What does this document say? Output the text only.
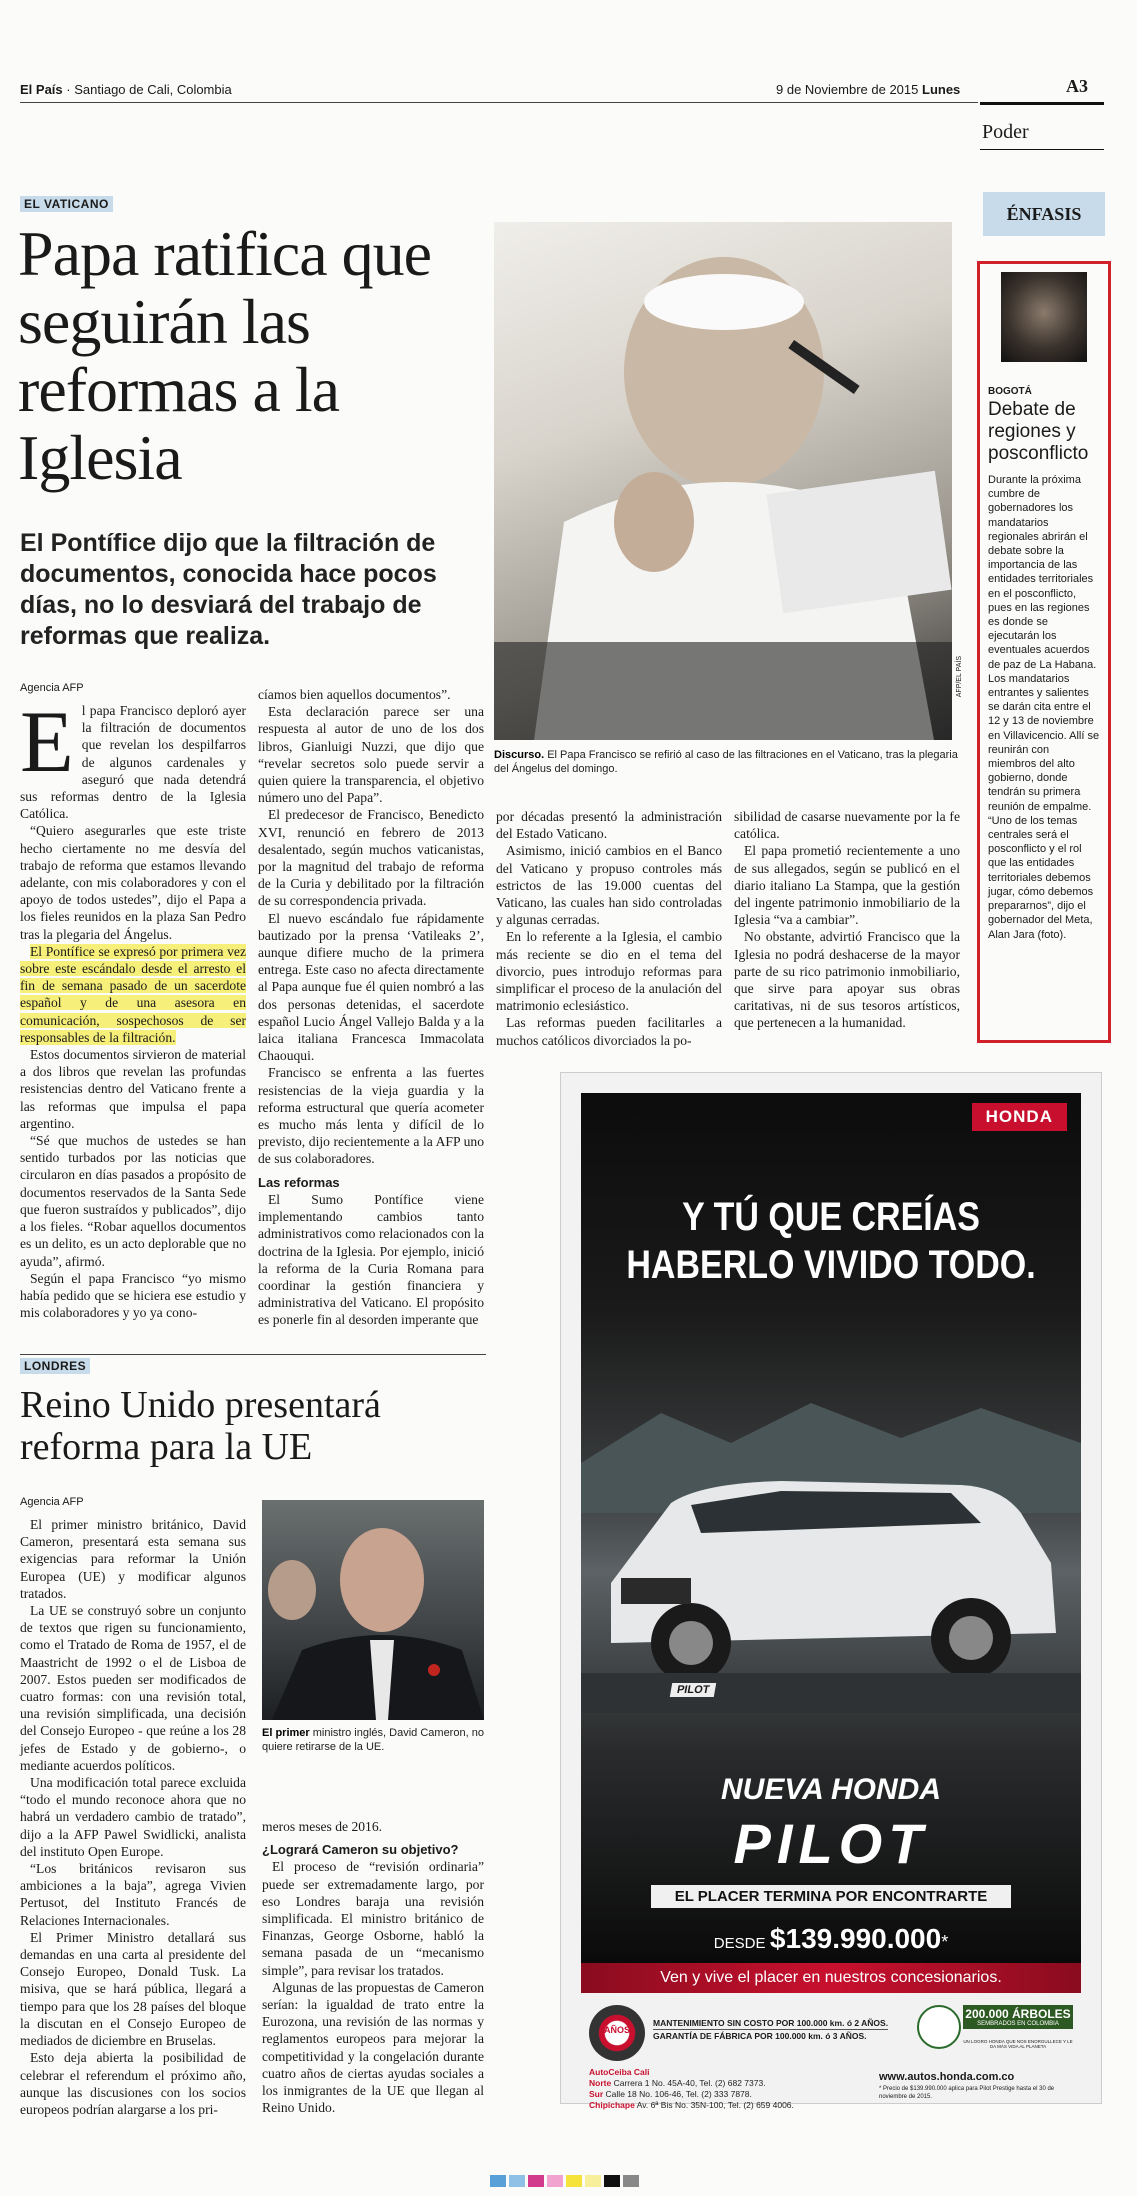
El País · Santiago de Cali, Colombia	9 de Noviembre de 2015 Lunes	A3
Poder
EL VATICANO
Papa ratifica que seguirán las reformas a la Iglesia
El Pontífice dijo que la filtración de documentos, conocida hace pocos días, no lo desviará del trabajo de reformas que realiza.
AFP/EL PAÍS
Discurso. El Papa Francisco se refirió al caso de las filtraciones en el Vaticano, tras la plegaria del Ángelus del domingo.
Agencia AFP
E l papa Francisco deploró ayer la filtración de documentos que revelan los despilfarros de algunos cardenales y aseguró que nada detendrá sus reformas dentro de la Iglesia Católica.

“Quiero asegurarles que este triste hecho ciertamente no me desvía del trabajo de reforma que estamos llevando adelante, con mis colaboradores y con el apoyo de todos ustedes”, dijo el Papa a los fieles reunidos en la plaza San Pedro tras la plegaria del Ángelus.

El Pontífice se expresó por primera vez sobre este escándalo desde el arresto el fin de semana pasado de un sacerdote español y de una asesora en comunicación, sospechosos de ser responsables de la filtración.

Estos documentos sirvieron de material a dos libros que revelan las profundas resistencias dentro del Vaticano frente a las reformas que impulsa el papa argentino.

“Sé que muchos de ustedes se han sentido turbados por las noticias que circularon en días pasados a propósito de documentos reservados de la Santa Sede que fueron sustraídos y publicados”, dijo a los fieles. “Robar aquellos documentos es un delito, es un acto deplorable que no ayuda”, afirmó.

Según el papa Francisco “yo mismo había pedido que se hiciera ese estudio y mis colaboradores y yo ya cono-

cíamos bien aquellos documentos”.

Esta declaración parece ser una respuesta al autor de uno de los dos libros, Gianluigi Nuzzi, que dijo que “revelar secretos solo puede servir a quien quiere la transparencia, el objetivo número uno del Papa”.

El predecesor de Francisco, Benedicto XVI, renunció en febrero de 2013 desalentado, según muchos vaticanistas, por la magnitud del trabajo de reforma de la Curia y debilitado por la filtración de su correspondencia privada.

El nuevo escándalo fue rápidamente bautizado por la prensa ‘Vatileaks 2’, aunque difiere mucho de la primera entrega. Este caso no afecta directamente al Papa aunque fue él quien nombró a las dos personas detenidas, el sacerdote español Lucio Ángel Vallejo Balda y a la laica italiana Francesca Immacolata Chaouqui.

Francisco se enfrenta a las fuertes resistencias de la vieja guardia y la reforma estructural que quería acometer es mucho más lenta y difícil de lo previsto, dijo recientemente a la AFP uno de sus colaboradores.

Las reformas

El Sumo Pontífice viene implementando cambios tanto administrativos como relacionados con la doctrina de la Iglesia. Por ejemplo, inició la reforma de la Curia Romana para coordinar la gestión financiera y administrativa del Vaticano. El propósito es ponerle fin al desorden imperante que

por décadas presentó la administración del Estado Vaticano.

Asimismo, inició cambios en el Banco del Vaticano y propuso controles más estrictos de las 19.000 cuentas del Vaticano, las cuales han sido controladas y algunas cerradas.

En lo referente a la Iglesia, el cambio más reciente se dio en el tema del divorcio, pues introdujo reformas para simplificar el proceso de la anulación del matrimonio eclesiástico.

Las reformas pueden facilitarles a muchos católicos divorciados la po-

sibilidad de casarse nuevamente por la fe católica.

El papa prometió recientemente a uno de sus allegados, según se publicó en el diario italiano La Stampa, que la gestión del ingente patrimonio inmobiliario de la Iglesia “va a cambiar”.

No obstante, advirtió Francisco que la Iglesia no podrá deshacerse de la mayor parte de su rico patrimonio inmobiliario, que sirve para apoyar sus obras caritativas, ni de sus tesoros artísticos, que pertenecen a la humanidad.

ÉNFASIS
BOGOTÁ
Debate de regiones y posconflicto
Durante la próxima cumbre de gobernadores los mandatarios regionales abrirán el debate sobre la importancia de las entidades territoriales en el posconflicto, pues en las regiones es donde se ejecutarán los eventuales acuerdos de paz de La Habana.
Los mandatarios entrantes y salientes se darán cita entre el 12 y 13 de noviembre en Villavicencio. Allí se reunirán con miembros del alto gobierno, donde tendrán su primera reunión de empalme.
“Uno de los temas centrales será el posconflicto y el rol que las entidades territoriales debemos jugar, cómo debemos prepararnos”, dijo el gobernador del Meta, Alan Jara (foto).
LONDRES
Reino Unido presentará reforma para la UE
Agencia AFP
El primer ministro inglés, David Cameron, no quiere retirarse de la UE.

El primer ministro británico, David Cameron, presentará esta semana sus exigencias para reformar la Unión Europea (UE) y modificar algunos tratados.

La UE se construyó sobre un conjunto de textos que rigen su funcionamiento, como el Tratado de Roma de 1957, el de Maastricht de 1992 o el de Lisboa de 2007. Estos pueden ser modificados de cuatro formas: con una revisión total, una revisión simplificada, una decisión del Consejo Europeo - que reúne a los 28 jefes de Estado y de gobierno-, o mediante acuerdos políticos.

Una modificación total parece excluida “todo el mundo reconoce ahora que no habrá un verdadero cambio de tratado”, dijo a la AFP Pawel Swidlicki, analista del instituto Open Europe.

“Los británicos revisaron sus ambiciones a la baja”, agrega Vivien Pertusot, del Instituto Francés de Relaciones Internacionales.

El Primer Ministro detallará sus demandas en una carta al presidente del Consejo Europeo, Donald Tusk. La misiva, que se hará pública, llegará a tiempo para que los 28 países del bloque la discutan en el Consejo Europeo de mediados de diciembre en Bruselas.

Esto deja abierta la posibilidad de celebrar el referendum el próximo año, aunque las discusiones con los socios europeos podrían alargarse a los pri-

meros meses de 2016.

¿Logrará Cameron su objetivo?

El proceso de “revisión ordinaria” puede ser extremadamente largo, por eso Londres baraja una revisión simplificada. El ministro británico de Finanzas, George Osborne, habló la semana pasada de un “mecanismo simple”, para revisar los tratados.

Algunas de las propuestas de Cameron serían: la igualdad de trato entre la Eurozona, una revisión de las normas y reglamentos europeos para mejorar la competitividad y la congelación durante cuatro años de ciertas ayudas sociales a los inmigrantes de la UE que llegan al Reino Unido.

HONDA
Y TÚ QUE CREÍAS
HABERLO VIVIDO TODO.
PILOT
NUEVA HONDA
PILOT
EL PLACER TERMINA POR ENCONTRARTE
DESDE $139.990.000*
Ven y vive el placer en nuestros concesionarios.
AÑOS
MANTENIMIENTO SIN COSTO POR 100.000 km. ó 2 AÑOS.
GARANTÍA DE FÁBRICA POR 100.000 km. ó 3 AÑOS.
200.000 ÁRBOLES
SEMBRADOS EN COLOMBIA
UN LOGRO HONDA QUE NOS ENORGULLECE Y LE DA MÁS VIDA AL PLANETA
AutoCeiba Cali
Norte Carrera 1 No. 45A-40, Tel. (2) 682 7373.
Sur Calle 18 No. 106-46, Tel. (2) 333 7878.
Chipichape Av. 6ª Bis No. 35N-100, Tel. (2) 659 4006.
www.autos.honda.com.co
* Precio de $139.990.000 aplica para Pilot Prestige hasta el 30 de noviembre de 2015.
